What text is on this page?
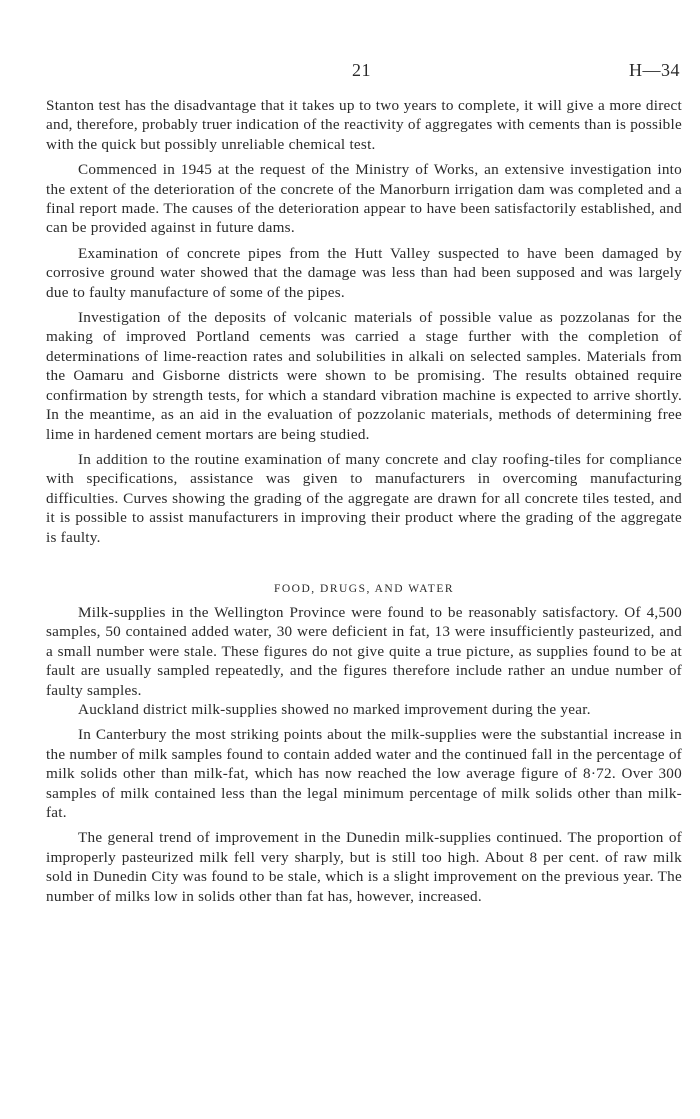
21	H—34

Stanton test has the disadvantage that it takes up to two years to complete, it will give a more direct and, therefore, probably truer indication of the reactivity of aggregates with cements than is possible with the quick but possibly unreliable chemical test.

Commenced in 1945 at the request of the Ministry of Works, an extensive investigation into the extent of the deterioration of the concrete of the Manorburn irrigation dam was completed and a final report made. The causes of the deterioration appear to have been satisfactorily established, and can be provided against in future dams.

Examination of concrete pipes from the Hutt Valley suspected to have been damaged by corrosive ground water showed that the damage was less than had been supposed and was largely due to faulty manufacture of some of the pipes.

Investigation of the deposits of volcanic materials of possible value as pozzolanas for the making of improved Portland cements was carried a stage further with the completion of determinations of lime-reaction rates and solubilities in alkali on selected samples. Materials from the Oamaru and Gisborne districts were shown to be promising. The results obtained require confirmation by strength tests, for which a standard vibration machine is expected to arrive shortly. In the meantime, as an aid in the evaluation of pozzolanic materials, methods of determining free lime in hardened cement mortars are being studied.

In addition to the routine examination of many concrete and clay roofing-tiles for compliance with specifications, assistance was given to manufacturers in overcoming manufacturing difficulties. Curves showing the grading of the aggregate are drawn for all concrete tiles tested, and it is possible to assist manufacturers in improving their product where the grading of the aggregate is faulty.

FOOD, DRUGS, AND WATER

Milk-supplies in the Wellington Province were found to be reasonably satisfactory. Of 4,500 samples, 50 contained added water, 30 were deficient in fat, 13 were insufficiently pasteurized, and a small number were stale. These figures do not give quite a true picture, as supplies found to be at fault are usually sampled repeatedly, and the figures therefore include rather an undue number of faulty samples.

Auckland district milk-supplies showed no marked improvement during the year.

In Canterbury the most striking points about the milk-supplies were the substantial increase in the number of milk samples found to contain added water and the continued fall in the percentage of milk solids other than milk-fat, which has now reached the low average figure of 8·72. Over 300 samples of milk contained less than the legal minimum percentage of milk solids other than milk-fat.

The general trend of improvement in the Dunedin milk-supplies continued. The proportion of improperly pasteurized milk fell very sharply, but is still too high. About 8 per cent. of raw milk sold in Dunedin City was found to be stale, which is a slight improvement on the previous year. The number of milks low in solids other than fat has, however, increased.
